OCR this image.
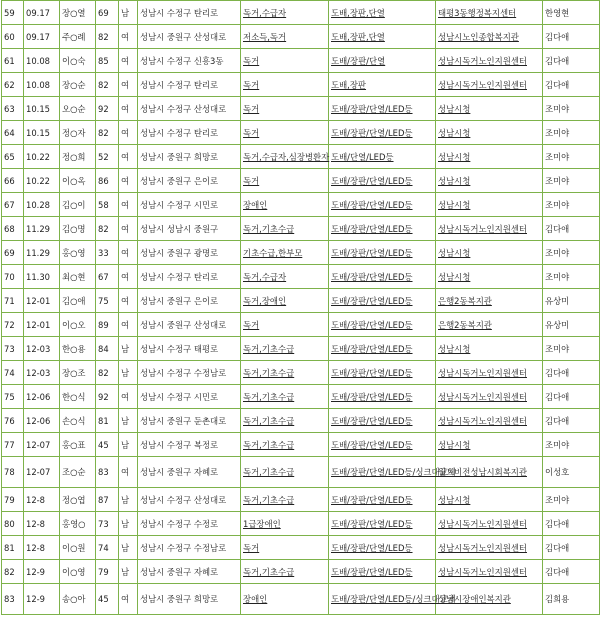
59	09.17	장○열	69	남	성남시 수정구 탄리로	독거,수급자	도배,장판,단열	태평3동행정복지센터	한영현
60	09.17	주○례	82	여	성남시 중원구 산성대로	저소득,독거	도배,장판,단열	성남시노인종합복지관	김다애
61	10.08	이○숙	85	여	성남시 수정구 신흥3동	독거	도배/장판/단열	성남시독거노인지원센터	김다애
62	10.08	장○순	82	여	성남시 수정구 탄리로	독거	도배,장판	성남시독거노인지원센터	김다애
63	10.15	오○순	92	여	성남시 수정구 산성대로	독거	도배/장판/단열/LED등	성남시청	조미야
64	10.15	정○자	82	여	성남시 수정구 탄리로	독거	도배/장판/단열/LED등	성남시청	조미야
65	10.22	정○희	52	여	성남시 중원구 희망로	독거,수급자,심장병환자	도배/단열/LED등	성남시청	조미야
66	10.22	이○옥	86	여	성남시 중원구 은이로	독거	도배/장판/단열/LED등	성남시청	조미야
67	10.28	김○이	58	여	성남시 수정구 시민로	장애인	도배/장판/단열/LED등	성남시청	조미야
68	11.29	김○명	82	여	성남시 성남시 중원구	독거,기초수급	도배/장판/단열/LED등	성남시독거노인지원센터	김다애
69	11.29	홍○영	33	여	성남시 중원구 광명로	기초수급,한부모	도배/장판/단열/LED등	성남시청	조미야
70	11.30	최○현	67	여	성남시 수정구 탄리로	독거,수급자	도배/장판/단열/LED등	성남시청	조미야
71	12-01	김○애	75	여	성남시 중원구 은이로	독거,장애인	도배/장판/단열/LED등	은행2동복지관	유상미
72	12-01	이○오	89	여	성남시 중원구 산성대로	독거	도배/장판/단열/LED등	은행2동복지관	유상미
73	12-03	한○용	84	남	성남시 수정구 태평로	독거,기초수급	도배/장판/단열/LED등	성남시청	조미야
74	12-03	장○조	82	남	성남시 수정구 수정남로	독거,기초수급	도배/장판/단열/LED등	성남시독거노인지원센터	김다애
75	12-06	한○식	92	여	성남시 수정구 시민로	독거,기초수급	도배/장판/단열/LED등	성남시독거노인지원센터	김다애
76	12-06	손○식	81	남	성남시 중원구 둔촌대로	독거,기초수급	도배/장판/단열/LED등	성남시독거노인지원센터	김다애
77	12-07	홍○표	45	남	성남시 수정구 복정로	독거,기초수급	도배/장판/단열/LED등	성남시청	조미야
78	12-07	조○순	83	여	성남시 중원구 자혜로	독거,기초수급	도배/장판/단열/LED등/싱크대교체	월드비전성남시회복지관	이성호
79	12-8	정○엽	87	남	성남시 수정구 산성대로	독거,기초수급	도배/장판/단열/LED등	성남시청	조미야
80	12-8	홍영○	73	남	성남시 수정구 수정로	1급장애인	도배/장판/단열/LED등	성남시독거노인지원센터	김다애
81	12-8	이○원	74	남	성남시 수정구 수정남로	독거	도배/장판/단열/LED등	성남시독거노인지원센터	김다애
82	12-9	이○영	79	남	성남시 중원구 자혜로	독거,기초수급	도배/장판/단열/LED등	성남시독거노인지원센터	김다애
83	12-9	송○아	45	여	성남시 중원구 희망로	장애인	도배/장판/단열/LED등/싱크대교체	성남시장애인복지관	김희용
